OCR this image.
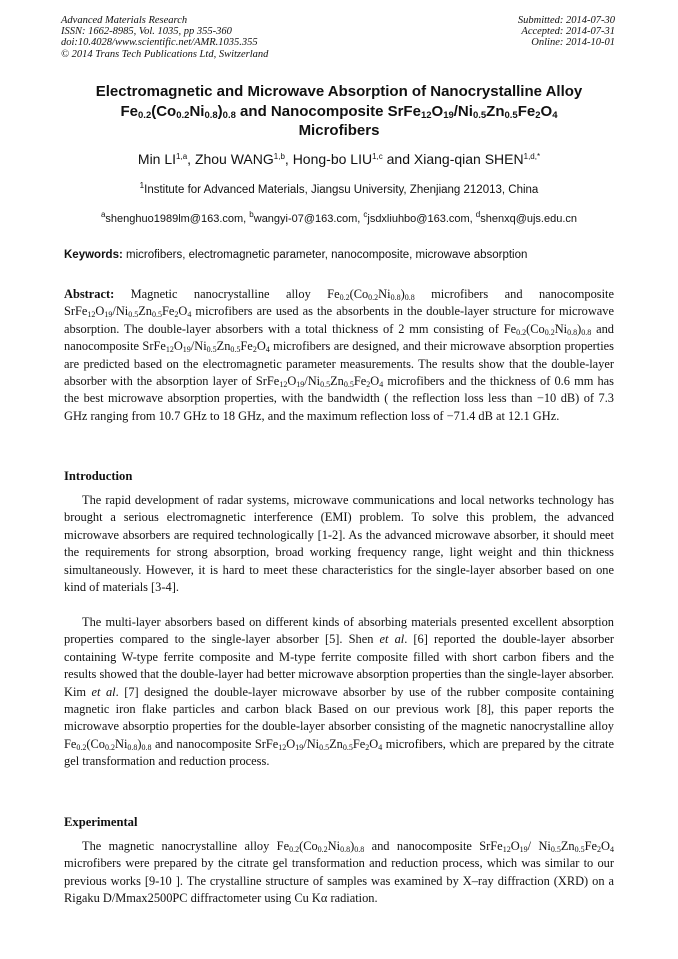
Advanced Materials Research
ISSN: 1662-8985, Vol. 1035, pp 355-360
doi:10.4028/www.scientific.net/AMR.1035.355
© 2014 Trans Tech Publications Ltd, Switzerland
Submitted: 2014-07-30
Accepted: 2014-07-31
Online: 2014-10-01
Electromagnetic and Microwave Absorption of Nanocrystalline Alloy
$Fe_{0.2}(Co_{0.2}Ni_{0.8})_{0.8}$ and Nanocomposite $SrFe_{12}O_{19}/Ni_{0.5}Zn_{0.5}Fe_2O_4$
Microfibers
Min LI$^{1,a}$, Zhou WANG$^{1,b}$, Hong-bo LIU$^{1,c}$ and Xiang-qian $SHEN^{1,d,*}$
$^1$Institute for Advanced Materials, Jiangsu University, Zhenjiang 212013, China
$^a$shenghuo1989lm@163.com, $^b$wangyi-07@163.com, $^c$jsdxliuhbo@163.com, $^d$shenxq@ujs.edu.cn
Keywords: microfibers, electromagnetic parameter, nanocomposite, microwave absorption

Abstract: Magnetic nanocrystalline alloy $Fe_{0.2}(Co_{0.2}Ni_{0.8})_{0.8}$ microfibers and nanocomposite $SrFe_{12}O_{19}/Ni_{0.5}Zn_{0.5}Fe_2O_4$ microfibers are used as the absorbents in the double-layer structure for microwave absorption. The double-layer absorbers with a total thickness of 2 mm consisting of $Fe_{0.2}(Co_{0.2}Ni_{0.8})_{0.8}$ and nanocomposite $SrFe_{12}O_{19}/Ni_{0.5}Zn_{0.5}Fe_2O_4$ microfibers are designed, and their microwave absorption properties are predicted based on the electromagnetic parameter measurements. The results show that the double-layer absorber with the absorption layer of $SrFe_{12}O_{19}/Ni_{0.5}Zn_{0.5}Fe_2O_4$ microfibers and the thickness of 0.6 mm has the best microwave absorption properties, with the bandwidth ( the reflection loss less than −10 dB) of 7.3 GHz ranging from 10.7 GHz to 18 GHz, and the maximum reflection loss of −71.4 dB at 12.1 GHz.

Introduction

The rapid development of radar systems, microwave communications and local networks technology has brought a serious electromagnetic interference (EMI) problem. To solve this problem, the advanced microwave absorbers are required technologically [1-2]. As the advanced microwave absorber, it should meet the requirements for strong absorption, broad working frequency range, light weight and thin thickness simultaneously. However, it is hard to meet these characteristics for the single-layer absorber based on one kind of materials [3-4].

The multi-layer absorbers based on different kinds of absorbing materials presented excellent absorption properties compared to the single-layer absorber [5]. Shen et al. [6] reported the double-layer absorber containing W-type ferrite composite and M-type ferrite composite filled with short carbon fibers and the results showed that the double-layer had better microwave absorption properties than the single-layer absorber. Kim et al. [7] designed the double-layer microwave absorber by use of the rubber composite containing magnetic iron flake particles and carbon black Based on our previous work [8], this paper reports the microwave absorptio properties for the double-layer absorber consisting of the magnetic nanocrystalline alloy $Fe_{0.2}(Co_{0.2}Ni_{0.8})_{0.8}$ and nanocomposite $SrFe_{12}O_{19}/Ni_{0.5}Zn_{0.5}Fe_2O_4$ microfibers, which are prepared by the citrate gel transformation and reduction process.

Experimental

The magnetic nanocrystalline alloy $Fe_{0.2}(Co_{0.2}Ni_{0.8})_{0.8}$ and nanocomposite $SrFe_{12}O_{19}/$ $Ni_{0.5}Zn_{0.5}Fe_2O_4$ microfibers were prepared by the citrate gel transformation and reduction process, which was similar to our previous works [9-10 ]. The crystalline structure of samples was examined by X–ray diffraction (XRD) on a Rigaku D/Mmax2500PC diffractometer using Cu Kα radiation.
